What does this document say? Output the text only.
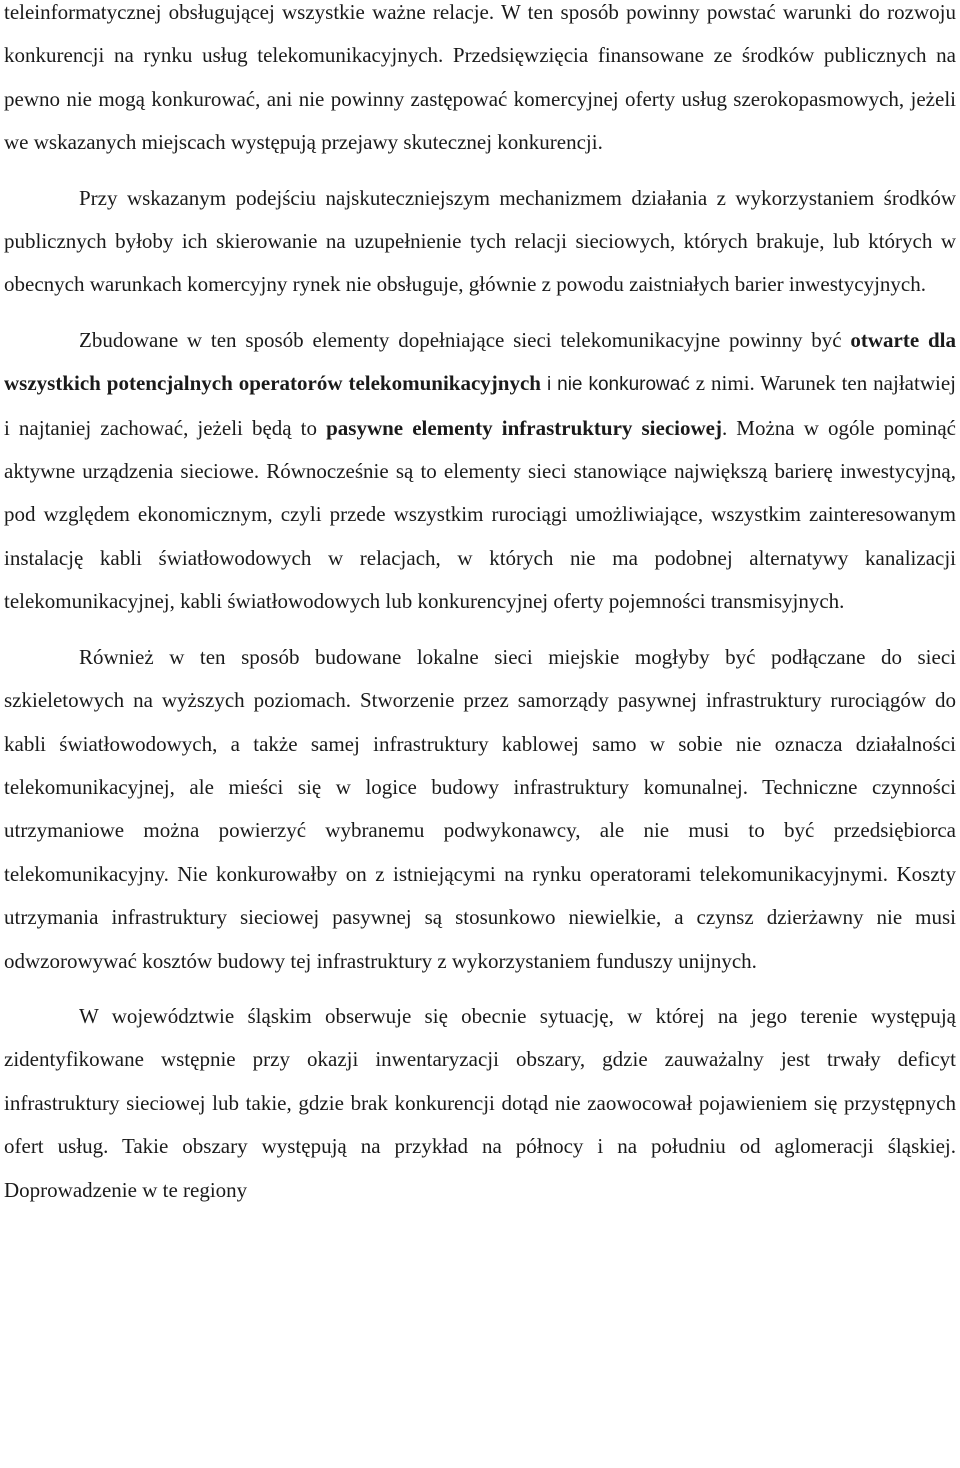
teleinformatycznej obsługującej wszystkie ważne relacje. W ten sposób powinny powstać warunki do rozwoju konkurencji na rynku usług telekomunikacyjnych. Przedsięwzięcia finansowane ze środków publicznych na pewno nie mogą konkurować, ani nie powinny zastępować komercyjnej oferty usług szerokopasmowych, jeżeli we wskazanych miejscach występują przejawy skutecznej konkurencji.

Przy wskazanym podejściu najskuteczniejszym mechanizmem działania z wykorzystaniem środków publicznych byłoby ich skierowanie na uzupełnienie tych relacji sieciowych, których brakuje, lub których w obecnych warunkach komercyjny rynek nie obsługuje, głównie z powodu zaistniałych barier inwestycyjnych.

Zbudowane w ten sposób elementy dopełniające sieci telekomunikacyjne powinny być otwarte dla wszystkich potencjalnych operatorów telekomunikacyjnych i nie konkurować z nimi. Warunek ten najłatwiej i najtaniej zachować, jeżeli będą to pasywne elementy infrastruktury sieciowej. Można w ogóle pominąć aktywne urządzenia sieciowe. Równocześnie są to elementy sieci stanowiące największą barierę inwestycyjną, pod względem ekonomicznym, czyli przede wszystkim rurociągi umożliwiające, wszystkim zainteresowanym instalację kabli światłowodowych w relacjach, w których nie ma podobnej alternatywy kanalizacji telekomunikacyjnej, kabli światłowodowych lub konkurencyjnej oferty pojemności transmisyjnych.

Również w ten sposób budowane lokalne sieci miejskie mogłyby być podłączane do sieci szkieletowych na wyższych poziomach. Stworzenie przez samorządy pasywnej infrastruktury rurociągów do kabli światłowodowych, a także samej infrastruktury kablowej samo w sobie nie oznacza działalności telekomunikacyjnej, ale mieści się w logice budowy infrastruktury komunalnej. Techniczne czynności utrzymaniowe można powierzyć wybranemu podwykonawcy, ale nie musi to być przedsiębiorca telekomunikacyjny. Nie konkurowałby on z istniejącymi na rynku operatorami telekomunikacyjnymi. Koszty utrzymania infrastruktury sieciowej pasywnej są stosunkowo niewielkie, a czynsz dzierżawny nie musi odwzorowywać kosztów budowy tej infrastruktury z wykorzystaniem funduszy unijnych.

W województwie śląskim obserwuje się obecnie sytuację, w której na jego terenie występują zidentyfikowane wstępnie przy okazji inwentaryzacji obszary, gdzie zauważalny jest trwały deficyt infrastruktury sieciowej lub takie, gdzie brak konkurencji dotąd nie zaowocował pojawieniem się przystępnych ofert usług. Takie obszary występują na przykład na północy i na południu od aglomeracji śląskiej. Doprowadzenie w te regiony
